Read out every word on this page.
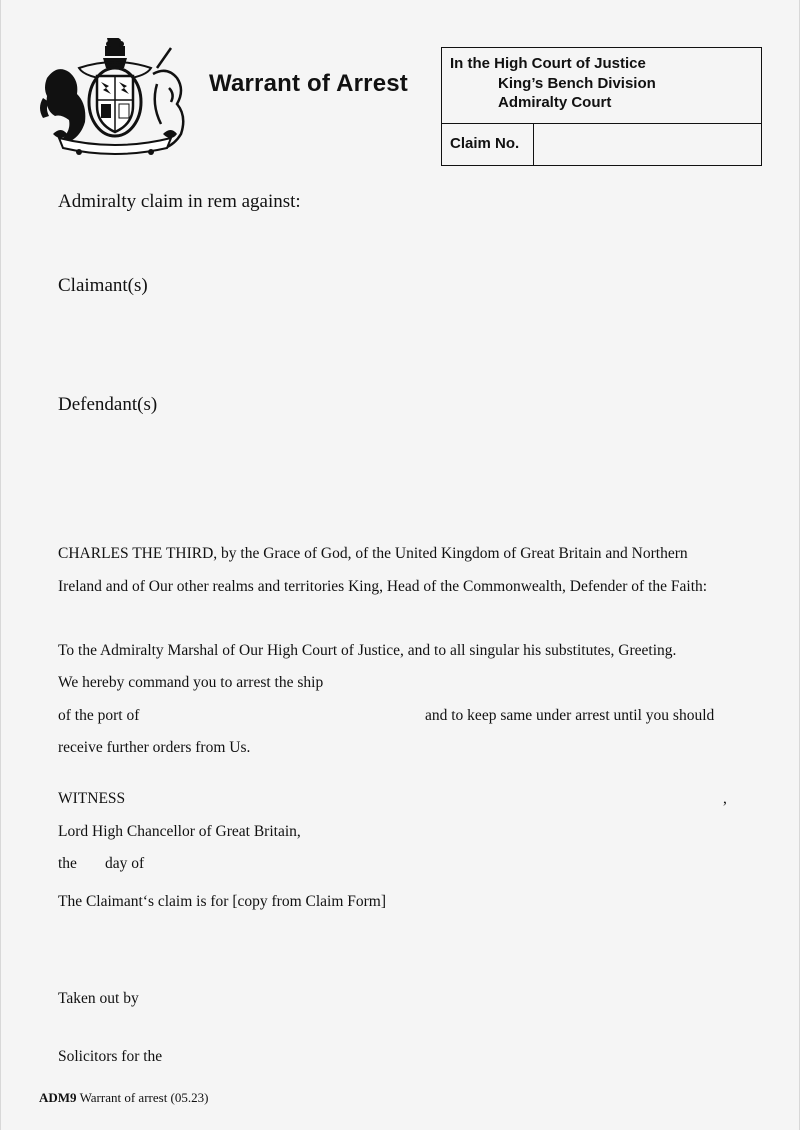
Warrant of Arrest
In the High Court of Justice
King’s Bench Division
Admiralty Court
Claim No.
Admiralty claim in rem against:
Claimant(s)
Defendant(s)
CHARLES THE THIRD, by the Grace of God, of the United Kingdom of Great Britain and Northern
Ireland and of Our other realms and territories King, Head of the Commonwealth, Defender of the Faith:
To the Admiralty Marshal of Our High Court of Justice, and to all singular his substitutes, Greeting.
We hereby command you to arrest the ship
of the port of	and to keep same under arrest until you should
receive further orders from Us.
WITNESS	,
Lord High Chancellor of Great Britain,
the day of
The Claimant‘s claim is for [copy from Claim Form]
Taken out by
Solicitors for the
ADM9 Warrant of arrest (05.23)
